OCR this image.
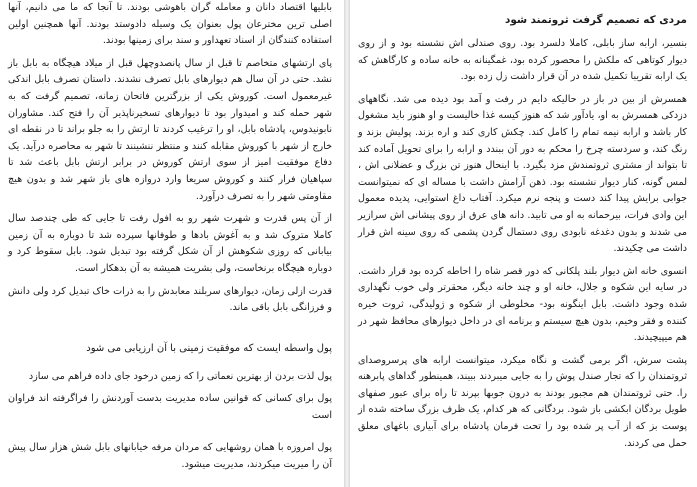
بابلیها اقتصاد دانان و معامله گران باهوشی بودند. تا آنجا که ما می دانیم، آنها اصلی ترین مخترعان پول بعنوان یک وسیله دادوستد بودند. آنها همچنین اولین استفاده کنندگان از اسناد تعهداور و سند برای زمینها بودند.

پای ارتشهای متخاصم تا قبل از سال پانصدوچهل قبل از میلاد هیچگاه به بابل باز نشد. حتی در آن سال هم دیوارهای بابل تصرف نشدند. داستان تصرف بابل اندکی غیرمعمول است. کوروش یکی از بزرگترین فاتحان زمانه، تصمیم گرفت که به شهر حمله کند و امیدوار بود تا دیوارهای تسخیرناپذیر آن را فتح کند. مشاوران نابونیدوس، پادشاه بابل، او را ترغیب کردند تا ارتش را به جلو براند تا در نقطه ای خارج از شهر با کوروش مقابله کنند و منتظر ننشینند تا شهر به محاصره درآید. یک دفاع موفقیت امیز از سوی ارتش کوروش در برابر ارتش بابل باعث شد تا سپاهیان فرار کنند و کوروش سریعا وارد دروازه های باز شهر شد و بدون هیچ مقاومتی شهر را به تصرف درآورد.

از آن پس قدرت و شهرت شهر رو به افول رفت تا جایی که طی چندصد سال کاملا متروک شد و به آغوش بادها و طوفانها سپرده شد تا دوباره به آن زمین بیابانی که روزی شکوهش از آن شکل گرفته بود تبدیل شود. بابل سقوط کرد و دوباره هیچگاه برنخاست، ولی بشریت همیشه به آن بدهکار است.

قدرت ازلی زمان، دیوارهای سربلند معابدش را به ذرات خاک تبدیل کرد ولی دانش و فرزانگی بابل باقی ماند.

پول واسطه ایست که موفقیت زمینی با آن ارزیابی می شود

پول لذت بردن از بهترین نعماتی را که زمین درخود جای داده فراهم می سازد

پول برای کسانی که قوانین ساده مدیریت بدست آوردنش را فراگرفته اند فراوان است

پول امروزه با همان روشهایی که مردان مرفه خیابانهای بابل شش هزار سال پیش آن را میریت میکردند، مدیریت میشود.

مردی که تصمیم گرفت ثروتمند شود

بنسیر، ارابه ساز بابلی، کاملا دلسرد بود. روی صندلی اش نشسته بود و از روی دیوار کوتاهی که ملکش را محصور کرده بود، غمگینانه به خانه ساده و کارگاهش که یک ارابه تقریبا تکمیل شده در آن قرار داشت زل زده بود.

همسرش از بین در باز در حالیکه دایم در رفت و آمد بود دیده می شد. نگاههای دزدکی همسرش به او، یادآور شد که هنوز کیسه غذا خالیست و او هنوز باید مشغول کار باشد و ارابه نیمه تمام را کامل کند. چکش کاری کند و اره بزند. پولیش بزند و رنگ کند، و سردسته چرخ را محکم به دور آن ببندد و ارابه را برای تحویل آماده کند تا بتواند از مشتری ثروتمندش مزد بگیرد. با اینحال هنوز تن بزرگ و عضلانی اش ، لمس گونه، کنار دیوار نشسته بود. ذهن آرامش داشت با مساله ای که نمیتوانست جوابی برایش پیدا کند دست و پنجه نرم میکرد. آفتاب داغ استوایی، پدیده معمول این وادی فرات، بیرحمانه به او می تابید. دانه های عرق از روی پیشانی اش سرازیر می شدند و بدون دغدغه نابودی روی دستمال گردن پشمی که روی سینه اش قرار داشت می چکیدند.

انسوی خانه اش دیوار بلند پلکانی که دور قصر شاه را احاطه کرده بود قرار داشت. در سایه این شکوه و جلال، خانه او و چند خانه دیگر، محقرتر ولی خوب نگهداری شده وجود داشت. بابل اینگونه بود- مخلوطی از شکوه و ژولیدگی، ثروت خیره کننده و فقر وخیم، بدون هیچ سیستم و برنامه ای در داخل دیوارهای محافظ شهر در هم میپیچیدند.

پشت سرش، اگر برمی گشت و نگاه میکرد، میتوانست ارابه های پرسروصدای ثروتمندان را که تجار صندل پوش را به جایی میبردند ببیند، همینطور گداهای پابرهنه را. حتی ثروتمندان هم مجبور بودند به درون جوبها بپرند تا راه برای عبور صفهای طویل بردگان ابکشی باز شود. بردگانی که هر کدام، یک ظرف بزرگ ساخته شده از پوست بز که از آب پر شده بود را تحت فرمان پادشاه برای آبیاری باغهای معلق حمل می کردند.
